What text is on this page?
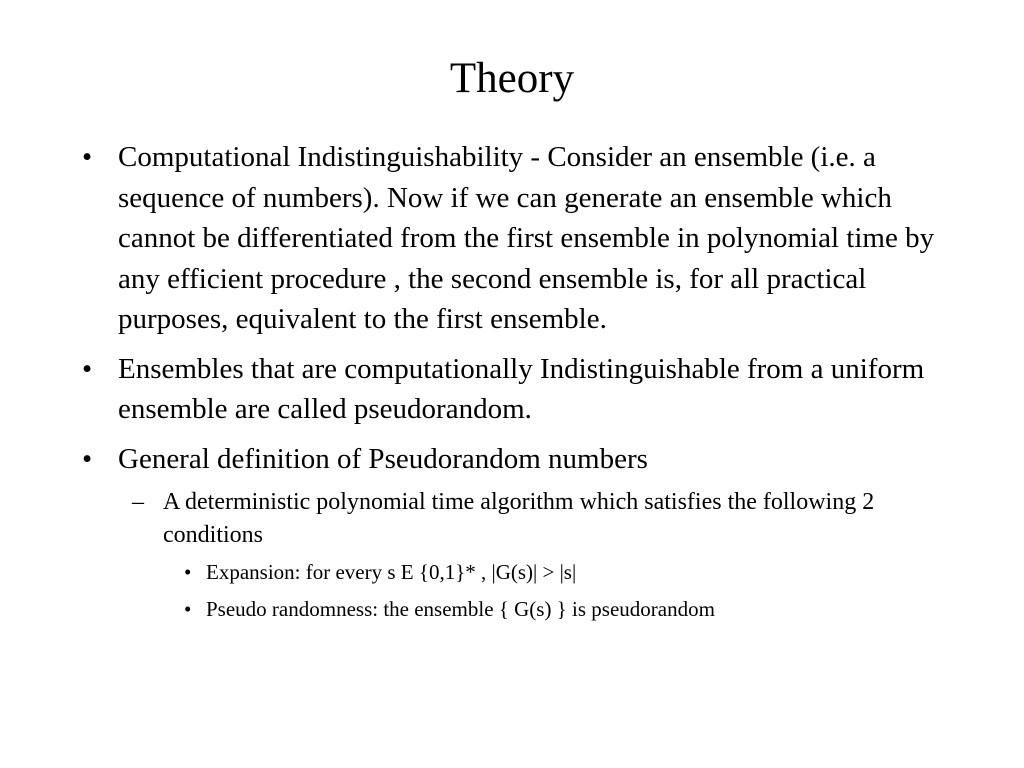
Theory
• Computational Indistinguishability - Consider an ensemble (i.e. a sequence of numbers). Now if we can generate an ensemble which cannot be differentiated from the first ensemble in polynomial time by any efficient procedure , the second ensemble is, for all practical purposes, equivalent to the first ensemble.
• Ensembles that are computationally Indistinguishable from a uniform ensemble are called pseudorandom.
• General definition of Pseudorandom numbers
– A deterministic polynomial time algorithm which satisfies the following 2 conditions
• Expansion: for every s E {0,1}* , |G(s)| > |s|
• Pseudo randomness: the ensemble { G(s) } is pseudorandom
